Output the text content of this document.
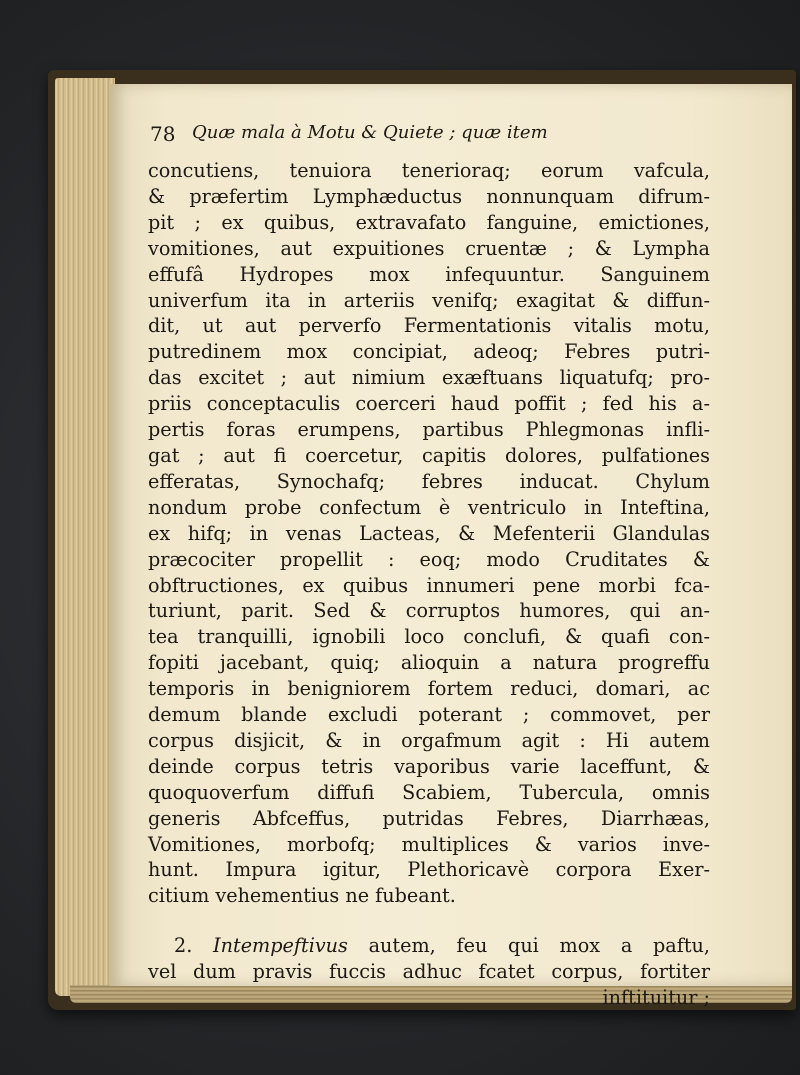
78 Quæ mala à Motu & Quiete ; quæ item
concutiens, tenuiora tenerioraq; eorum vafcula,
& præfertim Lymphæductus nonnunquam difrum-
pit ; ex quibus, extravafato fanguine, emictiones,
vomitiones, aut expuitiones cruentæ ; & Lympha
effufâ Hydropes mox infequuntur. Sanguinem
univerfum ita in arteriis venifq; exagitat & diffun-
dit, ut aut perverfo Fermentationis vitalis motu,
putredinem mox concipiat, adeoq; Febres putri-
das excitet ; aut nimium exæftuans liquatufq; pro-
priis conceptaculis coerceri haud poffit ; fed his a-
pertis foras erumpens, partibus Phlegmonas infli-
gat ; aut fi coercetur, capitis dolores, pulfationes
efferatas, Synochafq; febres inducat. Chylum
nondum probe confectum è ventriculo in Inteftina,
ex hifq; in venas Lacteas, & Mefenterii Glandulas
præcociter propellit : eoq; modo Cruditates &
obftructiones, ex quibus innumeri pene morbi fca-
turiunt, parit. Sed & corruptos humores, qui an-
tea tranquilli, ignobili loco conclufi, & quafi con-
fopiti jacebant, quiq; alioquin a natura progreffu
temporis in benigniorem fortem reduci, domari, ac
demum blande excludi poterant ; commovet, per
corpus disjicit, & in orgafmum agit : Hi autem
deinde corpus tetris vaporibus varie laceffunt, &
quoquoverfum diffufi Scabiem, Tubercula, omnis
generis Abfceffus, putridas Febres, Diarrhæas,
Vomitiones, morbofq; multiplices & varios inve-
hunt. Impura igitur, Plethoricavè corpora Exer-
citium vehementius ne fubeant.
2. Intempeftivus autem, feu qui mox a paftu,
vel dum pravis fuccis adhuc fcatet corpus, fortiter
inftituitur ;
